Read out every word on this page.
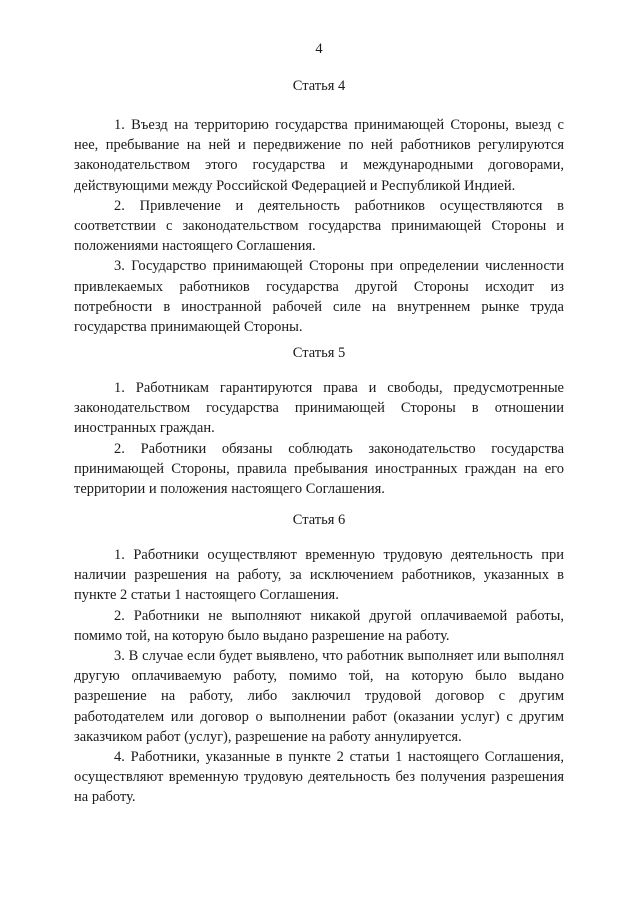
4
Статья 4

1. Въезд на территорию государства принимающей Стороны, выезд с нее, пребывание на ней и передвижение по ней работников регулируются законодательством этого государства и международными договорами, действующими между Российской Федерацией и Республикой Индией.

2. Привлечение и деятельность работников осуществляются в соответствии с законодательством государства принимающей Стороны и положениями настоящего Соглашения.

3. Государство принимающей Стороны при определении численности привлекаемых работников государства другой Стороны исходит из потребности в иностранной рабочей силе на внутреннем рынке труда государства принимающей Стороны.

Статья 5

1. Работникам гарантируются права и свободы, предусмотренные законодательством государства принимающей Стороны в отношении иностранных граждан.

2. Работники обязаны соблюдать законодательство государства принимающей Стороны, правила пребывания иностранных граждан на его территории и положения настоящего Соглашения.

Статья 6

1. Работники осуществляют временную трудовую деятельность при наличии разрешения на работу, за исключением работников, указанных в пункте 2 статьи 1 настоящего Соглашения.

2. Работники не выполняют никакой другой оплачиваемой работы, помимо той, на которую было выдано разрешение на работу.

3. В случае если будет выявлено, что работник выполняет или выполнял другую оплачиваемую работу, помимо той, на которую было выдано разрешение на работу, либо заключил трудовой договор с другим работодателем или договор о выполнении работ (оказании услуг) с другим заказчиком работ (услуг), разрешение на работу аннулируется.

4. Работники, указанные в пункте 2 статьи 1 настоящего Соглашения, осуществляют временную трудовую деятельность без получения разрешения на работу.
